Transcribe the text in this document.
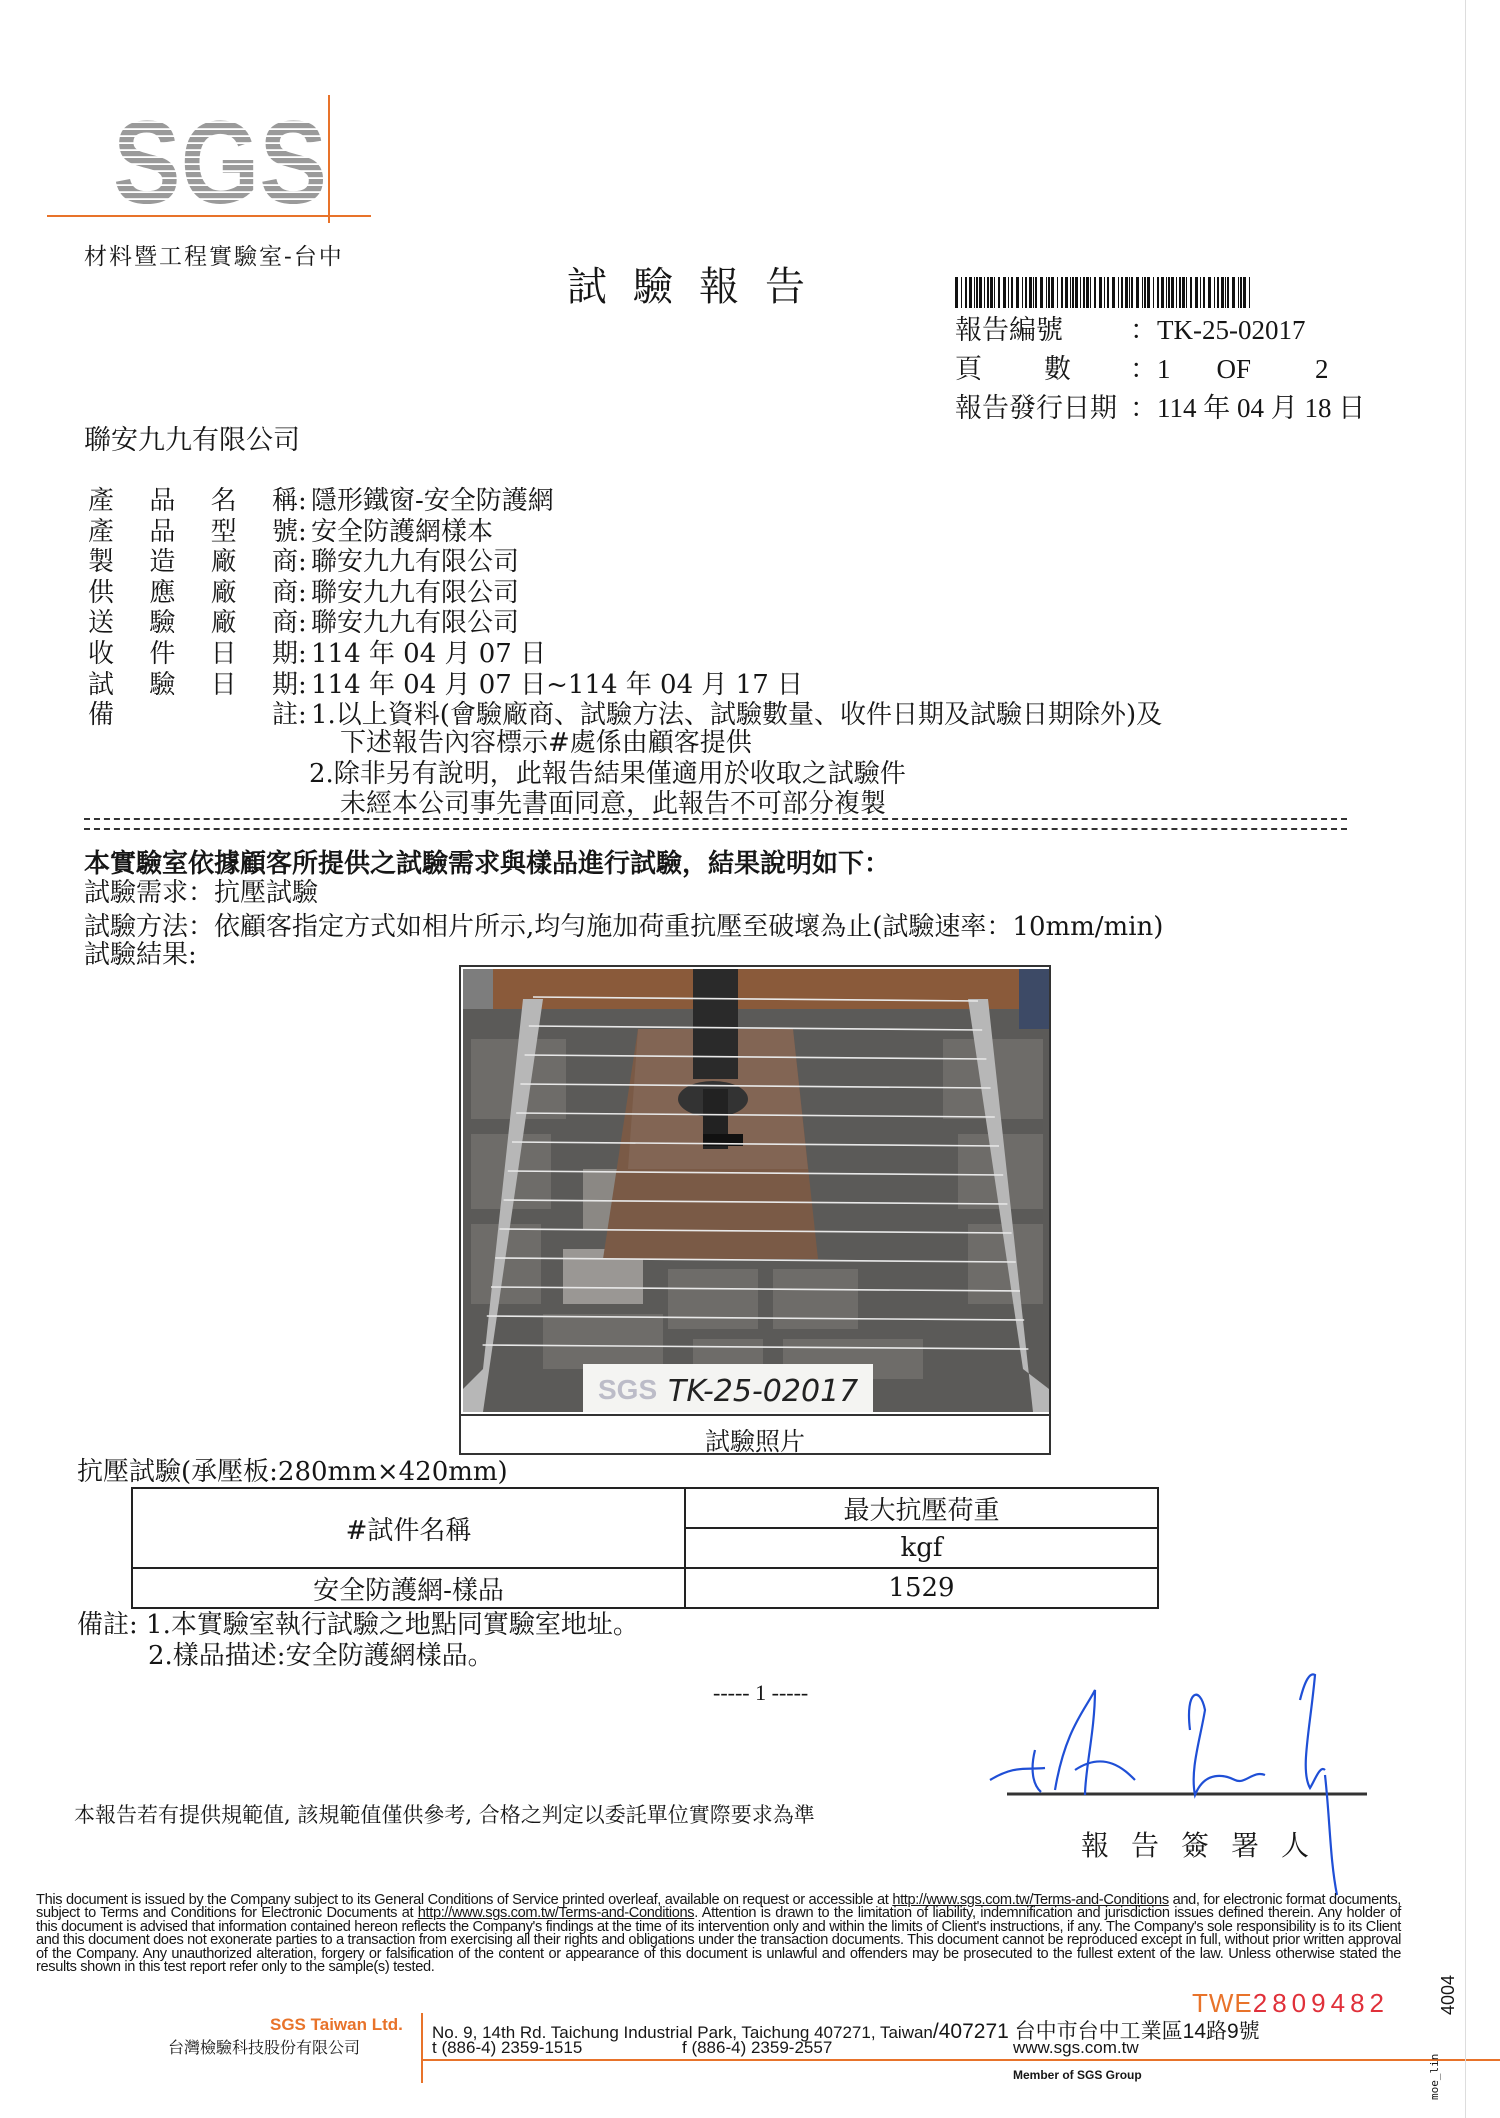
SGS
材料暨工程實驗室-台中
試驗報告
報告編號 ：TK-25-02017
頁 數 ：1 OF 2
報告發行日期 ：114 年 04 月 18 日
聯安九九有限公司
產 品 名 稱 : 隱形鐵窗-安全防護網
產 品 型 號 : 安全防護網樣本
製 造 廠 商 : 聯安九九有限公司
供 應 廠 商 : 聯安九九有限公司
送 驗 廠 商 : 聯安九九有限公司
收 件 日 期 : 114 年 04 月 07 日
試 驗 日 期 : 114 年 04 月 07 日~114 年 04 月 17 日
備	註 : 1.以上資料(會驗廠商、試驗方法、試驗數量、收件日期及試驗日期除外)及
下述報告內容標示#處係由顧客提供
2.除非另有說明，此報告結果僅適用於收取之試驗件
未經本公司事先書面同意，此報告不可部分複製
本實驗室依據顧客所提供之試驗需求與樣品進行試驗，結果說明如下：
試驗需求：抗壓試驗
試驗方法：依顧客指定方式如相片所示,均勻施加荷重抗壓至破壞為止(試驗速率：10mm/min)
試驗結果:
SGS TK-25-02017
試驗照片
抗壓試驗(承壓板:280mm×420mm)
#試件名稱	最大抗壓荷重
	kgf
安全防護網-樣品	1529
備註: 1.本實驗室執行試驗之地點同實驗室地址。
2.樣品描述:安全防護網樣品。
----- 1 -----
本報告若有提供規範值, 該規範值僅供參考, 合格之判定以委託單位實際要求為準
報告簽署人
This document is issued by the Company subject to its General Conditions of Service printed overleaf, available on request or accessible at http://www.sgs.com.tw/Terms-and-Conditions and, for electronic format documents, subject to Terms and Conditions for Electronic Documents at http://www.sgs.com.tw/Terms-and-Conditions. Attention is drawn to the limitation of liability, indemnification and jurisdiction issues defined therein. Any holder of this document is advised that information contained hereon reflects the Company's findings at the time of its intervention only and within the limits of Client's instructions, if any. The Company's sole responsibility is to its Client and this document does not exonerate parties to a transaction from exercising all their rights and obligations under the transaction documents. This document cannot be reproduced except in full, without prior written approval of the Company. Any unauthorized alteration, forgery or falsification of the content or appearance of this document is unlawful and offenders may be prosecuted to the fullest extent of the law. Unless otherwise stated the results shown in this test report refer only to the sample(s) tested.
TWE2809482
SGS Taiwan Ltd.
台灣檢驗科技股份有限公司
No. 9, 14th Rd. Taichung Industrial Park, Taichung 407271, Taiwan/407271 台中市台中工業區14路9號
t (886-4) 2359-1515	f (886-4) 2359-2557	www.sgs.com.tw
Member of SGS Group
4004
moe_lin
